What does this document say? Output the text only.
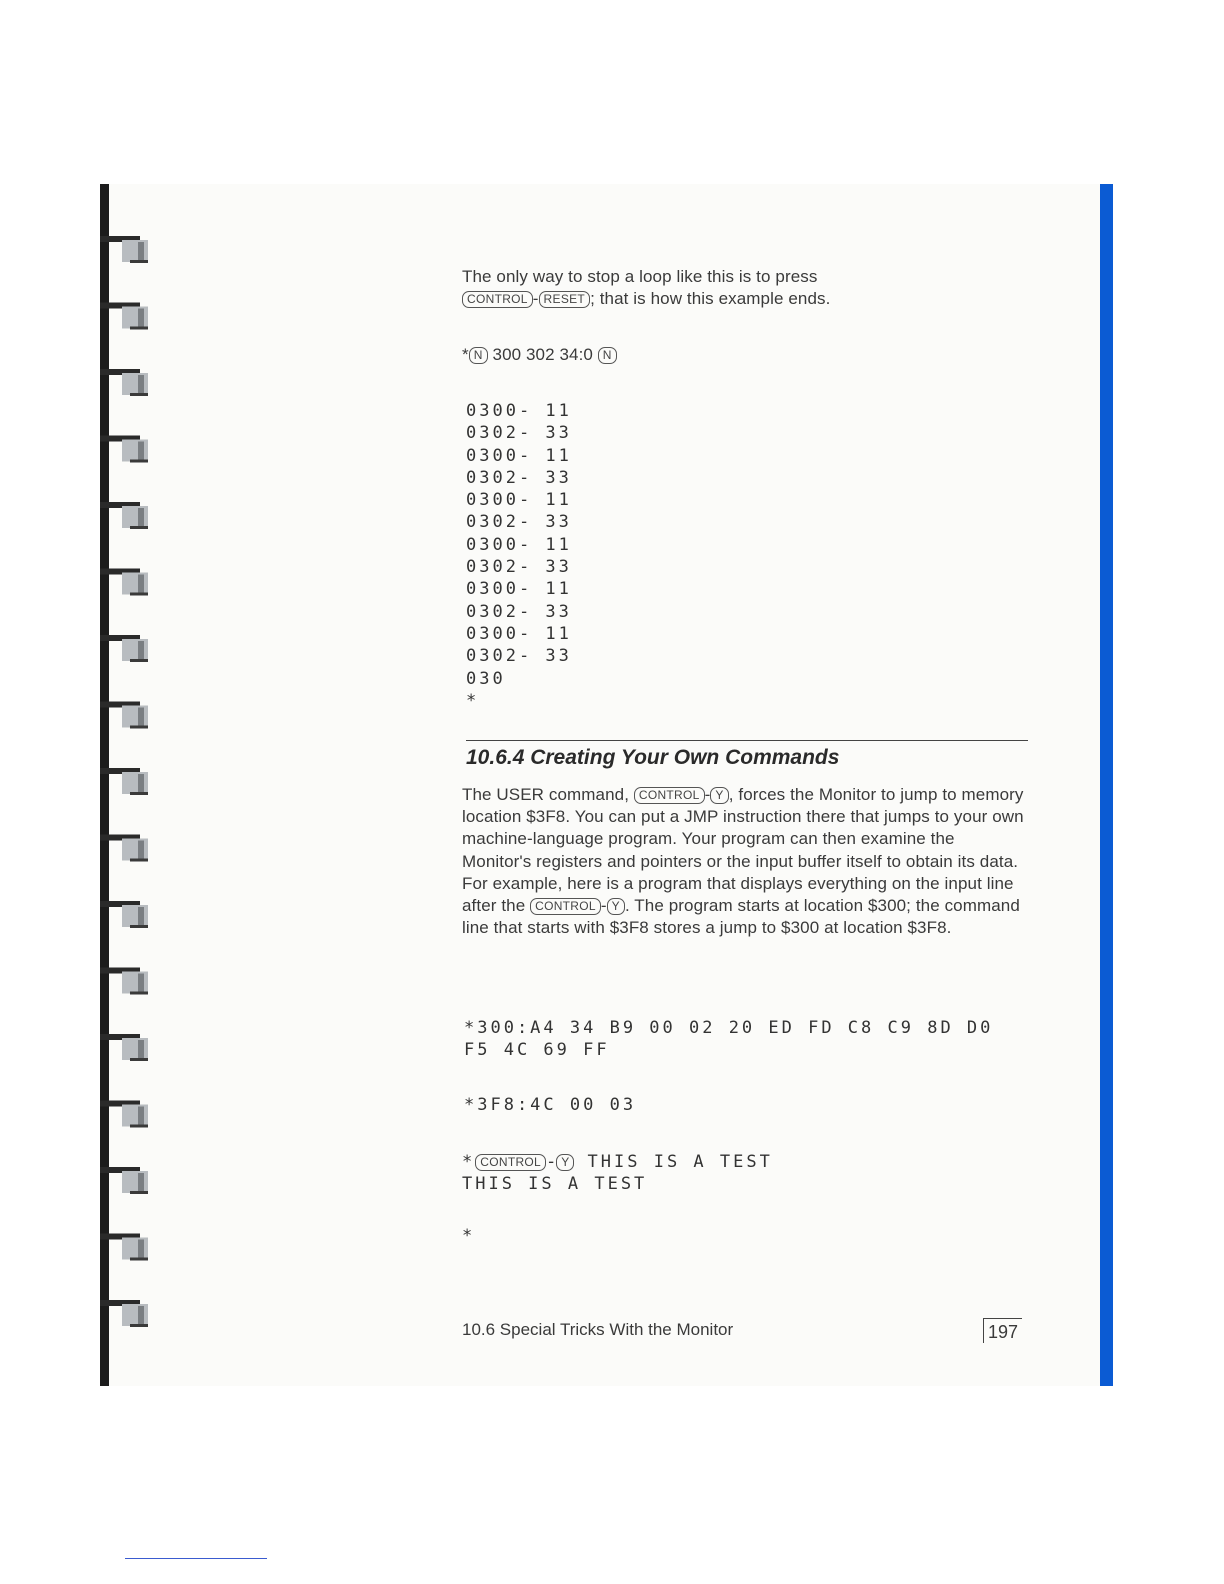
The only way to stop a loop like this is to press
CONTROL - RESET ; that is how this example ends.
* N 300 302 34:0 N
0300- 11
0302- 33
0300- 11
0302- 33
0300- 11
0302- 33
0300- 11
0302- 33
0300- 11
0302- 33
0300- 11
0302- 33
030
*
10.6.4 Creating Your Own Commands
The USER command, CONTROL - Y , forces the Monitor to jump to memory location $3F8. You can put a JMP instruction there that jumps to your own machine-language program. Your program can then examine the Monitor's registers and pointers or the input buffer itself to obtain its data. For example, here is a program that displays everything on the input line after the CONTROL - Y . The program starts at location $300; the command line that starts with $3F8 stores a jump to $300 at location $3F8.
*300:A4 34 B9 00 02 20 ED FD C8 C9 8D D0
F5 4C 69 FF
*3F8:4C 00 03
* CONTROL - Y THIS IS A TEST
THIS IS A TEST
*
10.6 Special Tricks With the Monitor	197
